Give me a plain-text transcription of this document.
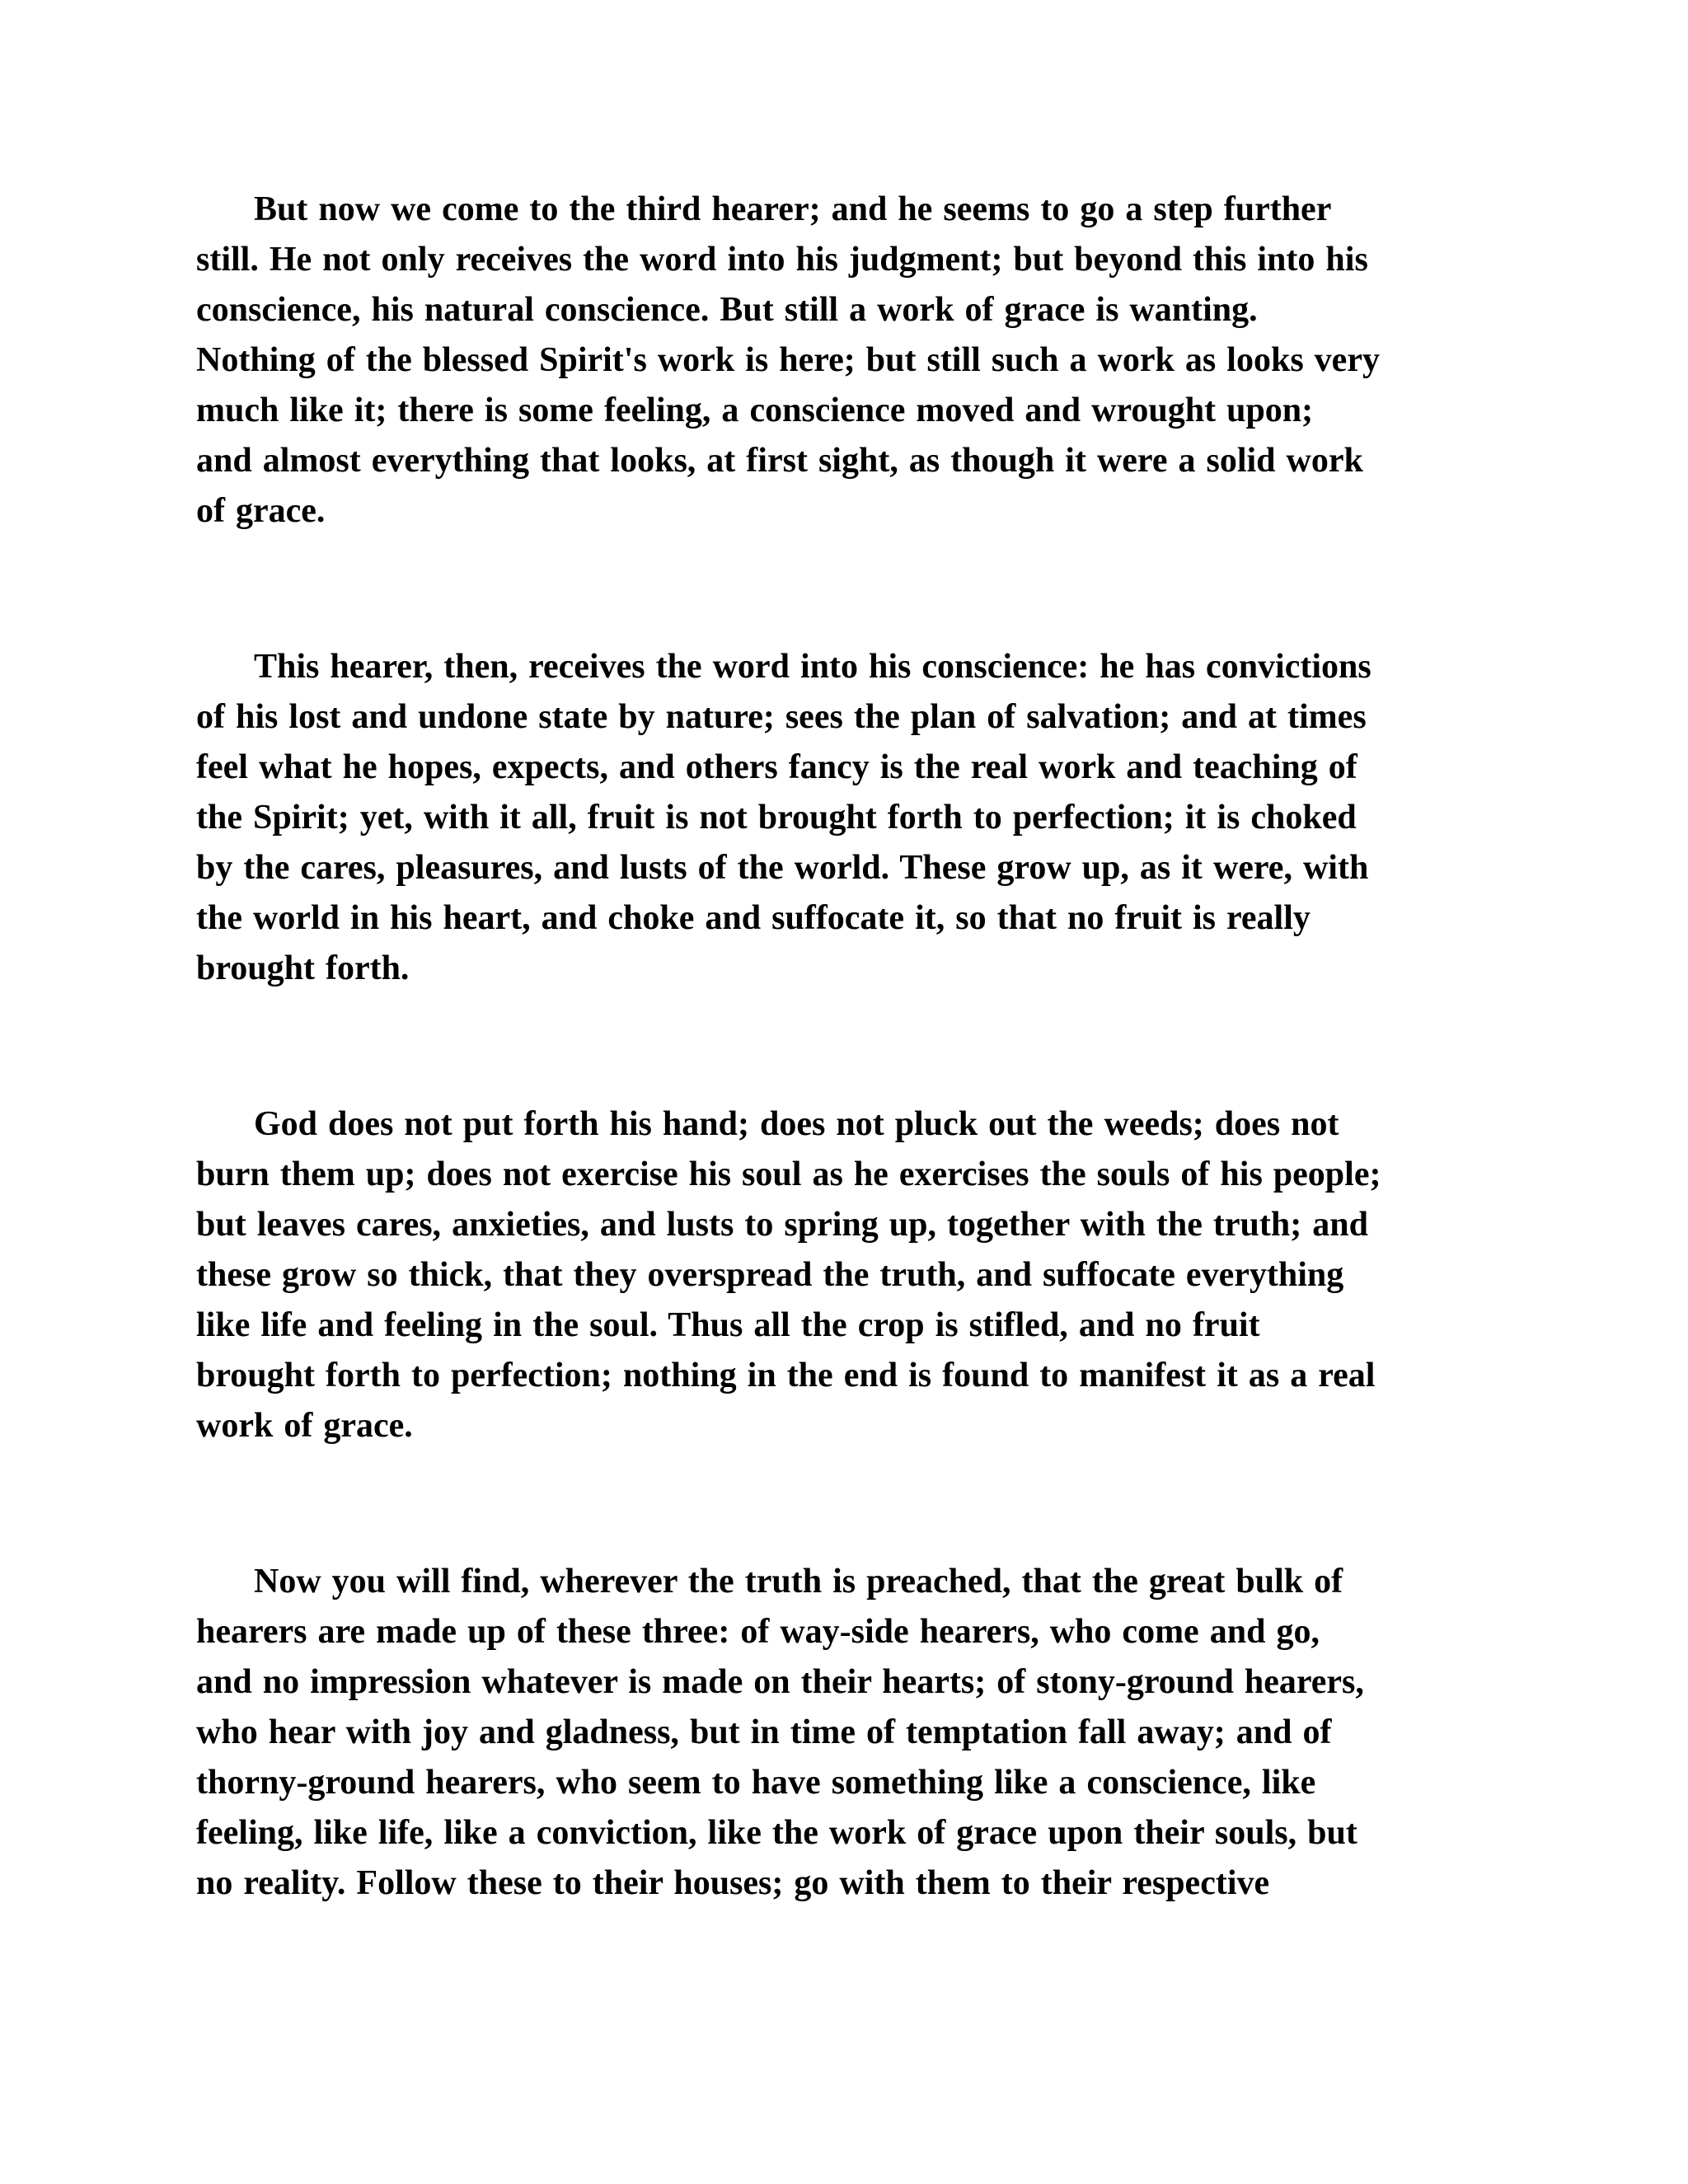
But now we come to the third hearer; and he seems to go a step further
still. He not only receives the word into his judgment; but beyond this into his
conscience, his natural conscience. But still a work of grace is wanting.
Nothing of the blessed Spirit's work is here; but still such a work as looks very
much like it; there is some feeling, a conscience moved and wrought upon;
and almost everything that looks, at first sight, as though it were a solid work
of grace.
This hearer, then, receives the word into his conscience: he has convictions
of his lost and undone state by nature; sees the plan of salvation; and at times
feel what he hopes, expects, and others fancy is the real work and teaching of
the Spirit; yet, with it all, fruit is not brought forth to perfection; it is choked
by the cares, pleasures, and lusts of the world. These grow up, as it were, with
the world in his heart, and choke and suffocate it, so that no fruit is really
brought forth.
God does not put forth his hand; does not pluck out the weeds; does not
burn them up; does not exercise his soul as he exercises the souls of his people;
but leaves cares, anxieties, and lusts to spring up, together with the truth; and
these grow so thick, that they overspread the truth, and suffocate everything
like life and feeling in the soul. Thus all the crop is stifled, and no fruit
brought forth to perfection; nothing in the end is found to manifest it as a real
work of grace.
Now you will find, wherever the truth is preached, that the great bulk of
hearers are made up of these three: of way-side hearers, who come and go,
and no impression whatever is made on their hearts; of stony-ground hearers,
who hear with joy and gladness, but in time of temptation fall away; and of
thorny-ground hearers, who seem to have something like a conscience, like
feeling, like life, like a conviction, like the work of grace upon their souls, but
no reality. Follow these to their houses; go with them to their respective
